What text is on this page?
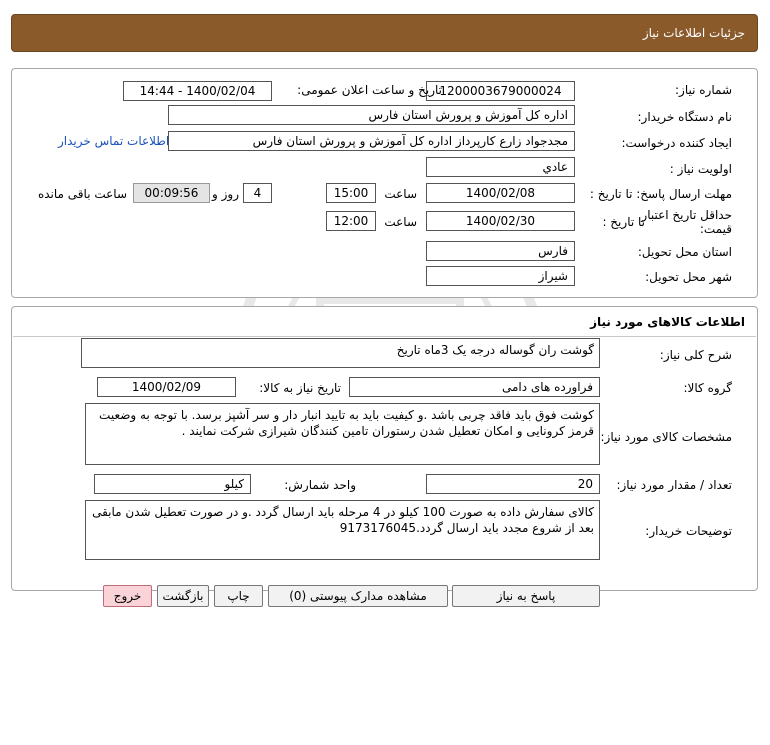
جزئیات اطلاعات نیاز
شماره نیاز:
1200003679000024
تاریخ و ساعت اعلان عمومی:
1400/02/04 - 14:44
نام دستگاه خریدار:
اداره کل آموزش و پرورش استان فارس
ایجاد کننده درخواست:
مجدجواد زارع کارپرداز اداره کل آموزش و پرورش استان فارس
اطلاعات تماس خریدار
اولویت نیاز :
عادي
مهلت ارسال پاسخ: تا تاریخ :
1400/02/08
ساعت
15:00
4
روز و
00:09:56
ساعت باقی مانده
حداقل تاریخ اعتبار
قیمت:
تا تاریخ :
1400/02/30
ساعت
12:00
استان محل تحویل:
فارس
شهر محل تحویل:
شیراز
اطلاعات کالاهای مورد نیاز
شرح کلی نیاز:
گوشت ران گوساله درجه یک 3ماه تاریخ
گروه کالا:
فراورده های دامی
تاریخ نیاز به کالا:
1400/02/09
مشخصات کالای مورد نیاز:
کوشت فوق باید فاقد چربی باشد .و کیفیت باید به تایید انبار دار و سر آشپز برسد. با توجه به وضعیت قرمز کرونایی و امکان تعطیل شدن رستوران تامین کنندگان شیرازی شرکت نمایند .
تعداد / مقدار مورد نیاز:
20
واحد شمارش:
کیلو
توضیحات خریدار:
کالای سفارش داده به صورت 100 کیلو در 4 مرحله باید ارسال گردد .و در صورت تعطیل شدن مابقی بعد از شروع مجدد باید ارسال گردد.9173176045
پاسخ به نیاز
مشاهده مدارک پیوستی (0)
چاپ
بازگشت
خروج
